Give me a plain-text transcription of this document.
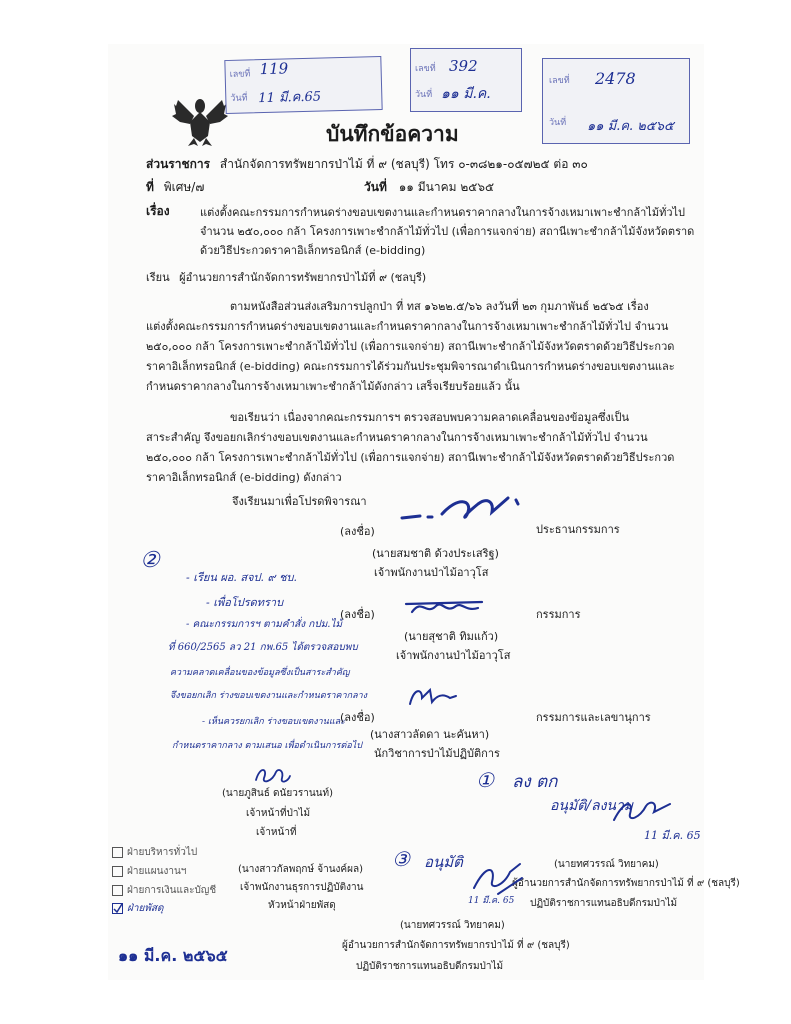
เลขที่ 119
วันที่ 11 มี.ค.65
เลขที่ 392
วันที่ ๑๑ มี.ค.
เลขที่ 2478
วันที่ ๑๑ มี.ค. ๒๕๖๕
บันทึกข้อความ
ส่วนราชการ สำนักจัดการทรัพยากรป่าไม้ ที่ ๙ (ชลบุรี) โทร ๐-๓๘๒๑-๐๕๗๒๕ ต่อ ๓๐
ที่ พิเศษ/๗	วันที่ ๑๑ มีนาคม ๒๕๖๕
เรื่อง	แต่งตั้งคณะกรรมการกำหนดร่างขอบเขตงานและกำหนดราคากลางในการจ้างเหมาเพาะชำกล้าไม้ทั่วไป
จำนวน ๒๕๐,๐๐๐ กล้า โครงการเพาะชำกล้าไม้ทั่วไป (เพื่อการแจกจ่าย) สถานีเพาะชำกล้าไม้จังหวัดตราด
ด้วยวิธีประกวดราคาอิเล็กทรอนิกส์ (e-bidding)
เรียน ผู้อำนวยการสำนักจัดการทรัพยากรป่าไม้ที่ ๙ (ชลบุรี)
ตามหนังสือส่วนส่งเสริมการปลูกป่า ที่ ทส ๑๖๒๒.๕/๖๖ ลงวันที่ ๒๓ กุมภาพันธ์ ๒๕๖๕ เรื่อง
แต่งตั้งคณะกรรมการกำหนดร่างขอบเขตงานและกำหนดราคากลางในการจ้างเหมาเพาะชำกล้าไม้ทั่วไป จำนวน
๒๕๐,๐๐๐ กล้า โครงการเพาะชำกล้าไม้ทั่วไป (เพื่อการแจกจ่าย) สถานีเพาะชำกล้าไม้จังหวัดตราดด้วยวิธีประกวด
ราคาอิเล็กทรอนิกส์ (e-bidding) คณะกรรมการได้ร่วมกันประชุมพิจารณาดำเนินการกำหนดร่างขอบเขตงานและ
กำหนดราคากลางในการจ้างเหมาเพาะชำกล้าไม้ดังกล่าว เสร็จเรียบร้อยแล้ว นั้น
ขอเรียนว่า เนื่องจากคณะกรรมการฯ ตรวจสอบพบความคลาดเคลื่อนของข้อมูลซึ่งเป็น
สาระสำคัญ จึงขอยกเลิกร่างขอบเขตงานและกำหนดราคากลางในการจ้างเหมาเพาะชำกล้าไม้ทั่วไป จำนวน
๒๕๐,๐๐๐ กล้า โครงการเพาะชำกล้าไม้ทั่วไป (เพื่อการแจกจ่าย) สถานีเพาะชำกล้าไม้จังหวัดตราดด้วยวิธีประกวด
ราคาอิเล็กทรอนิกส์ (e-bidding) ดังกล่าว
จึงเรียนมาเพื่อโปรดพิจารณา
(ลงชื่อ)	ประธานกรรมการ
(นายสมชาติ ด้วงประเสริฐ)
เจ้าพนักงานป่าไม้อาวุโส
②
- เรียน ผอ. สจป. ๙ ชบ.
- เพื่อโปรดทราบ
- คณะกรรมการฯ ตามคำสั่ง กปม.ไม้
ที่ 660/2565 ลว 21 กพ.65 ได้ตรวจสอบพบ
ความคลาดเคลื่อนของข้อมูลซึ่งเป็นสาระสำคัญ
จึงขอยกเลิก ร่างขอบเขตงานและกำหนดราคากลาง
- เห็นควรยกเลิก ร่างขอบเขตงานและ
กำหนดราคากลาง ตามเสนอ เพื่อดำเนินการต่อไป
(ลงชื่อ)	กรรมการ
(นายสุชาติ ทิมแก้ว)
เจ้าพนักงานป่าไม้อาวุโส
(ลงชื่อ)	กรรมการและเลขานุการ
(นางสาวลัดดา นะคันหา)
นักวิชาการป่าไม้ปฏิบัติการ
(นายภูสินธ์ ดนัยวรานนท์)
เจ้าหน้าที่ป่าไม้
เจ้าหน้าที่
① ลง ตก
อนุมัติ/ลงนาม
11 มี.ค. 65
(นายทศวรรณ์ วิทยาคม)
ผู้อำนวยการสำนักจัดการทรัพยากรป่าไม้ ที่ ๙ (ชลบุรี)
ปฏิบัติราชการแทนอธิบดีกรมป่าไม้
(นางสาวกัลพฤกษ์ จ้านงค์ผล)
เจ้าพนักงานธุรการปฏิบัติงาน
หัวหน้าฝ่ายพัสดุ
③ อนุมัติ
11 มี.ค. 65
ฝ่ายบริหารทั่วไป
ฝ่ายแผนงานฯ
ฝ่ายการเงินและบัญชี
ฝ่ายพัสดุ
(นายทศวรรณ์ วิทยาคม)
ผู้อำนวยการสำนักจัดการทรัพยากรป่าไม้ ที่ ๙ (ชลบุรี)
ปฏิบัติราชการแทนอธิบดีกรมป่าไม้
๑๑ มี.ค. ๒๕๖๕
